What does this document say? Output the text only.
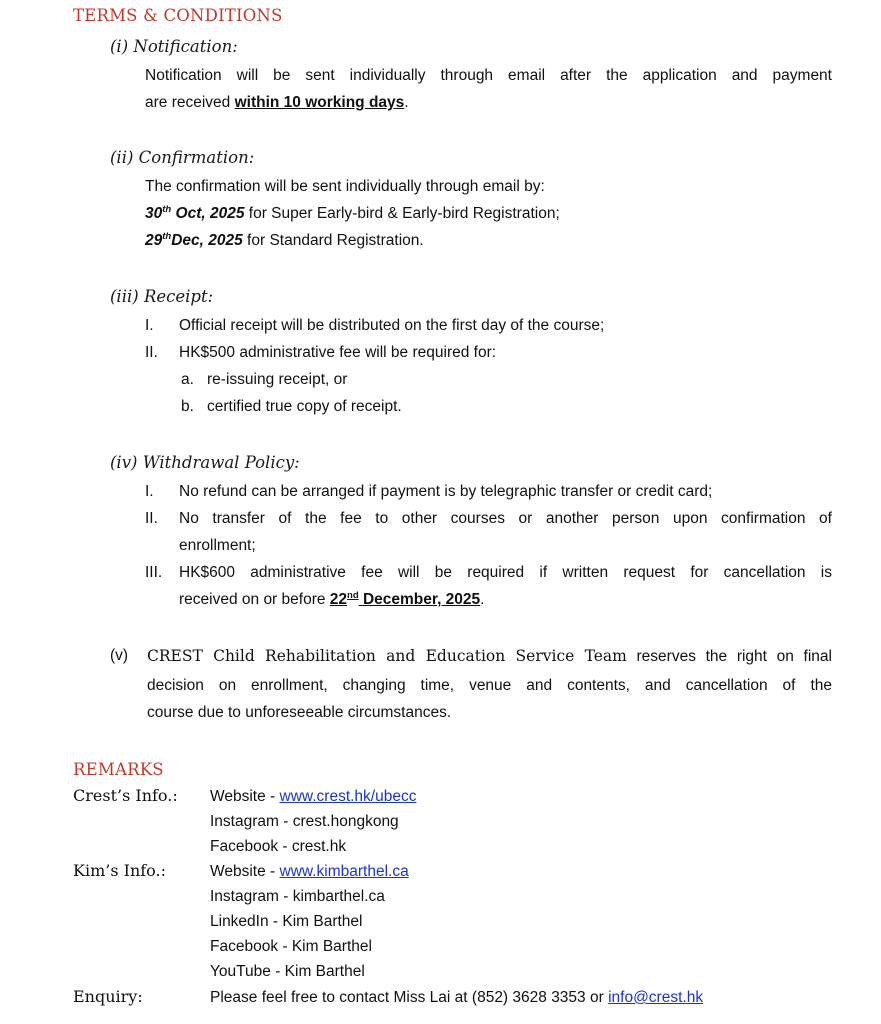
TERMS & CONDITIONS
(i) Notification:
Notification will be sent individually through email after the application and payment
are received within 10 working days.
(ii) Confirmation:
The confirmation will be sent individually through email by:
30th Oct, 2025 for Super Early-bird & Early-bird Registration;
29thDec, 2025 for Standard Registration.
(iii) Receipt:
I. Official receipt will be distributed on the first day of the course;
II. HK$500 administrative fee will be required for:
a. re-issuing receipt, or
b. certified true copy of receipt.
(iv) Withdrawal Policy:
I. No refund can be arranged if payment is by telegraphic transfer or credit card;
II. No transfer of the fee to other courses or another person upon confirmation of
enrollment;
III. HK$600 administrative fee will be required if written request for cancellation is
received on or before 22nd December, 2025.
(v) CREST Child Rehabilitation and Education Service Team reserves the right on final
decision on enrollment, changing time, venue and contents, and cancellation of the
course due to unforeseeable circumstances.
REMARKS
Crest’s Info.: Website - www.crest.hk/ubecc
Instagram - crest.hongkong
Facebook - crest.hk
Kim’s Info.:	Website - www.kimbarthel.ca
Instagram - kimbarthel.ca
LinkedIn - Kim Barthel
Facebook - Kim Barthel
YouTube - Kim Barthel
Enquiry:	Please feel free to contact Miss Lai at (852) 3628 3353 or info@crest.hk
